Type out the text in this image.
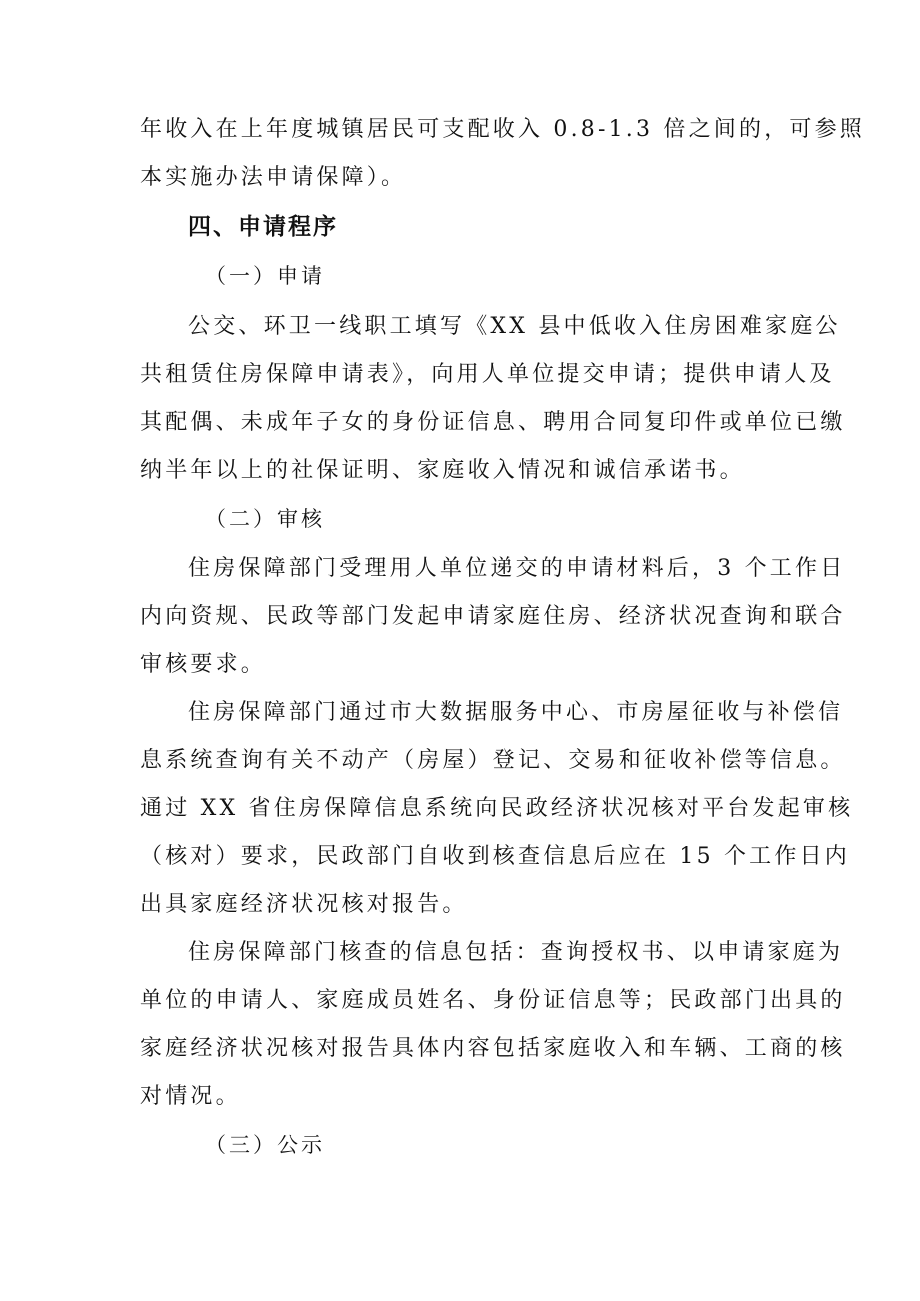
年收入在上年度城镇居民可支配收入 0.8-1.3 倍之间的，可参照
本实施办法申请保障）。
四、申请程序
（一）申请
公交、环卫一线职工填写《XX 县中低收入住房困难家庭公
共租赁住房保障申请表》，向用人单位提交申请；提供申请人及
其配偶、未成年子女的身份证信息、聘用合同复印件或单位已缴
纳半年以上的社保证明、家庭收入情况和诚信承诺书。
（二）审核
住房保障部门受理用人单位递交的申请材料后，3 个工作日
内向资规、民政等部门发起申请家庭住房、经济状况查询和联合
审核要求。
住房保障部门通过市大数据服务中心、市房屋征收与补偿信
息系统查询有关不动产（房屋）登记、交易和征收补偿等信息。
通过 XX 省住房保障信息系统向民政经济状况核对平台发起审核
（核对）要求，民政部门自收到核查信息后应在 15 个工作日内
出具家庭经济状况核对报告。
住房保障部门核查的信息包括：查询授权书、以申请家庭为
单位的申请人、家庭成员姓名、身份证信息等；民政部门出具的
家庭经济状况核对报告具体内容包括家庭收入和车辆、工商的核
对情况。
（三）公示
